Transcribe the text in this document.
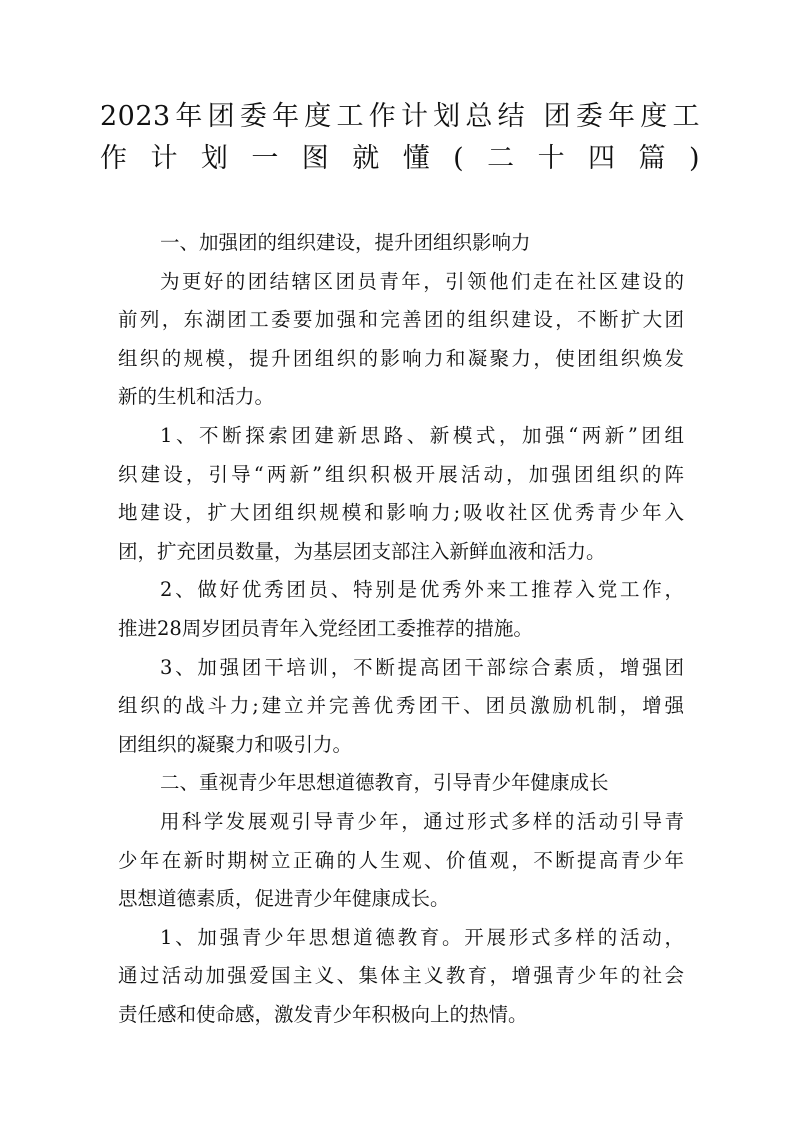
2023年团委年度工作计划总结 团委年度工
作计划一图就懂(二十四篇)

一、加强团的组织建设，提升团组织影响力

为更好的团结辖区团员青年，引领他们走在社区建设的
前列，东湖团工委要加强和完善团的组织建设，不断扩大团
组织的规模，提升团组织的影响力和凝聚力，使团组织焕发
新的生机和活力。

1、不断探索团建新思路、新模式，加强“两新”团组
织建设，引导“两新”组织积极开展活动，加强团组织的阵
地建设，扩大团组织规模和影响力;吸收社区优秀青少年入
团，扩充团员数量，为基层团支部注入新鲜血液和活力。

2、做好优秀团员、特别是优秀外来工推荐入党工作，
推进28周岁团员青年入党经团工委推荐的措施。

3、加强团干培训，不断提高团干部综合素质，增强团
组织的战斗力;建立并完善优秀团干、团员激励机制，增强
团组织的凝聚力和吸引力。

二、重视青少年思想道德教育，引导青少年健康成长

用科学发展观引导青少年，通过形式多样的活动引导青
少年在新时期树立正确的人生观、价值观，不断提高青少年
思想道德素质，促进青少年健康成长。

1、加强青少年思想道德教育。开展形式多样的活动，
通过活动加强爱国主义、集体主义教育，增强青少年的社会
责任感和使命感，激发青少年积极向上的热情。
